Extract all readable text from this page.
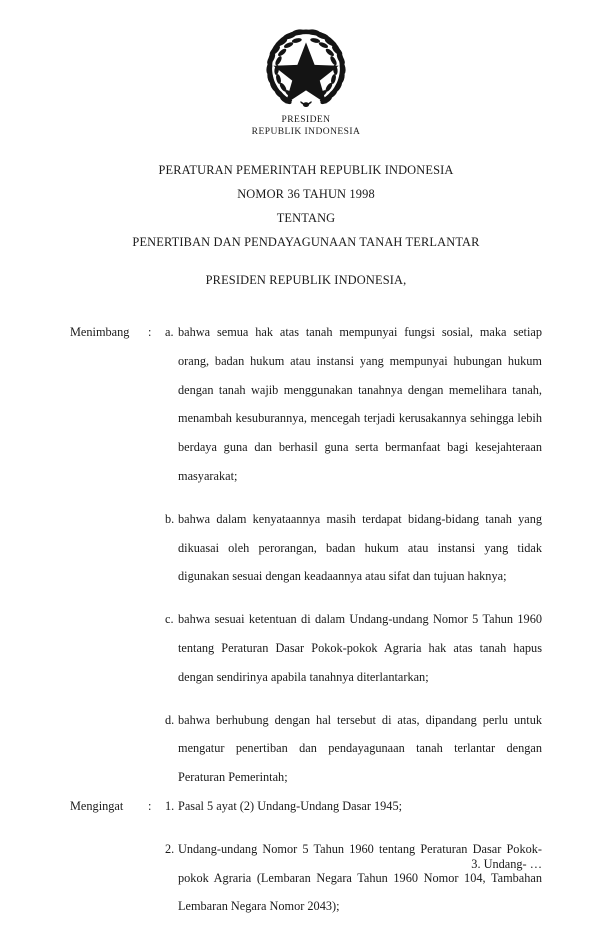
PRESIDEN
REPUBLIK INDONESIA
PERATURAN PEMERINTAH REPUBLIK INDONESIA
NOMOR 36 TAHUN 1998
TENTANG
PENERTIBAN DAN PENDAYAGUNAAN TANAH TERLANTAR
PRESIDEN REPUBLIK INDONESIA,
Menimbang : a. bahwa semua hak atas tanah mempunyai fungsi sosial, maka setiap orang, badan hukum atau instansi yang mempunyai hubungan hukum dengan tanah wajib menggunakan tanahnya dengan memelihara tanah, menambah kesuburannya, mencegah terjadi kerusakannya sehingga lebih berdaya guna dan berhasil guna serta bermanfaat bagi kesejahteraan masyarakat;
b. bahwa dalam kenyataannya masih terdapat bidang-bidang tanah yang dikuasai oleh perorangan, badan hukum atau instansi yang tidak digunakan sesuai dengan keadaannya atau sifat dan tujuan haknya;
c. bahwa sesuai ketentuan di dalam Undang-undang Nomor 5 Tahun 1960 tentang Peraturan Dasar Pokok-pokok Agraria hak atas tanah hapus dengan sendirinya apabila tanahnya diterlantarkan;
d. bahwa berhubung dengan hal tersebut di atas, dipandang perlu untuk mengatur penertiban dan pendayagunaan tanah terlantar dengan Peraturan Pemerintah;
Mengingat : 1. Pasal 5 ayat (2) Undang-Undang Dasar 1945;
2. Undang-undang Nomor 5 Tahun 1960 tentang Peraturan Dasar Pokok-pokok Agraria (Lembaran Negara Tahun 1960 Nomor 104, Tambahan Lembaran Negara Nomor 2043);
3. Undang- …
